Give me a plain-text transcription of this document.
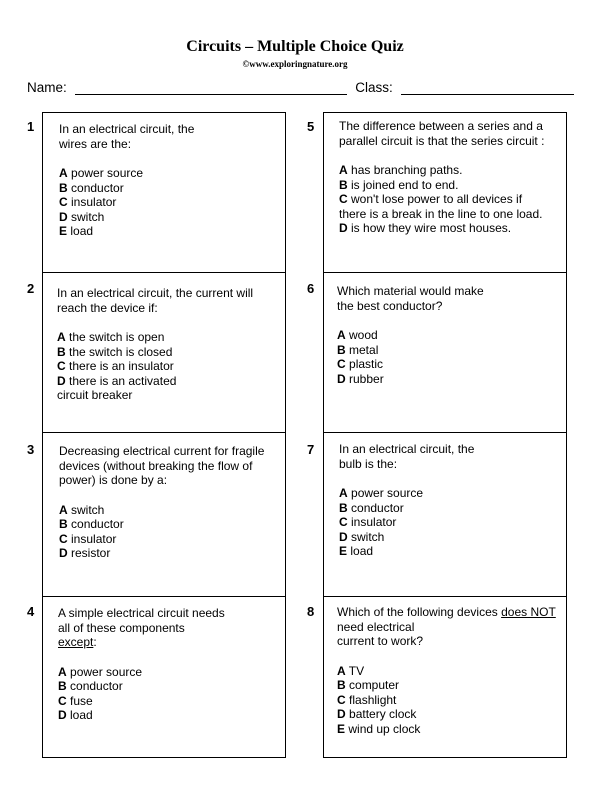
Circuits – Multiple Choice Quiz
©www.exploringnature.org
Name:	Class:
1
2
3
4
5
6
7
8
In an electrical circuit, the
wires are the:
A power source
B conductor
C insulator
D switch
E load
In an electrical circuit, the current will
reach the device if:
A the switch is open
B the switch is closed
C there is an insulator
D there is an activated
circuit breaker
Decreasing electrical current for fragile
devices (without breaking the flow of
power) is done by a:
A switch
B conductor
C insulator
D resistor
A simple electrical circuit needs
all of these components
except:
A power source
B conductor
C fuse
D load
The difference between a series and a
parallel circuit is that the series circuit :
A has branching paths.
B is joined end to end.
C won't lose power to all devices if
there is a break in the line to one load.
D is how they wire most houses.
Which material would make
the best conductor?
A wood
B metal
C plastic
D rubber
In an electrical circuit, the
bulb is the:
A power source
B conductor
C insulator
D switch
E load
Which of the following devices does NOT
need electrical
current to work?
A TV
B computer
C flashlight
D battery clock
E wind up clock
